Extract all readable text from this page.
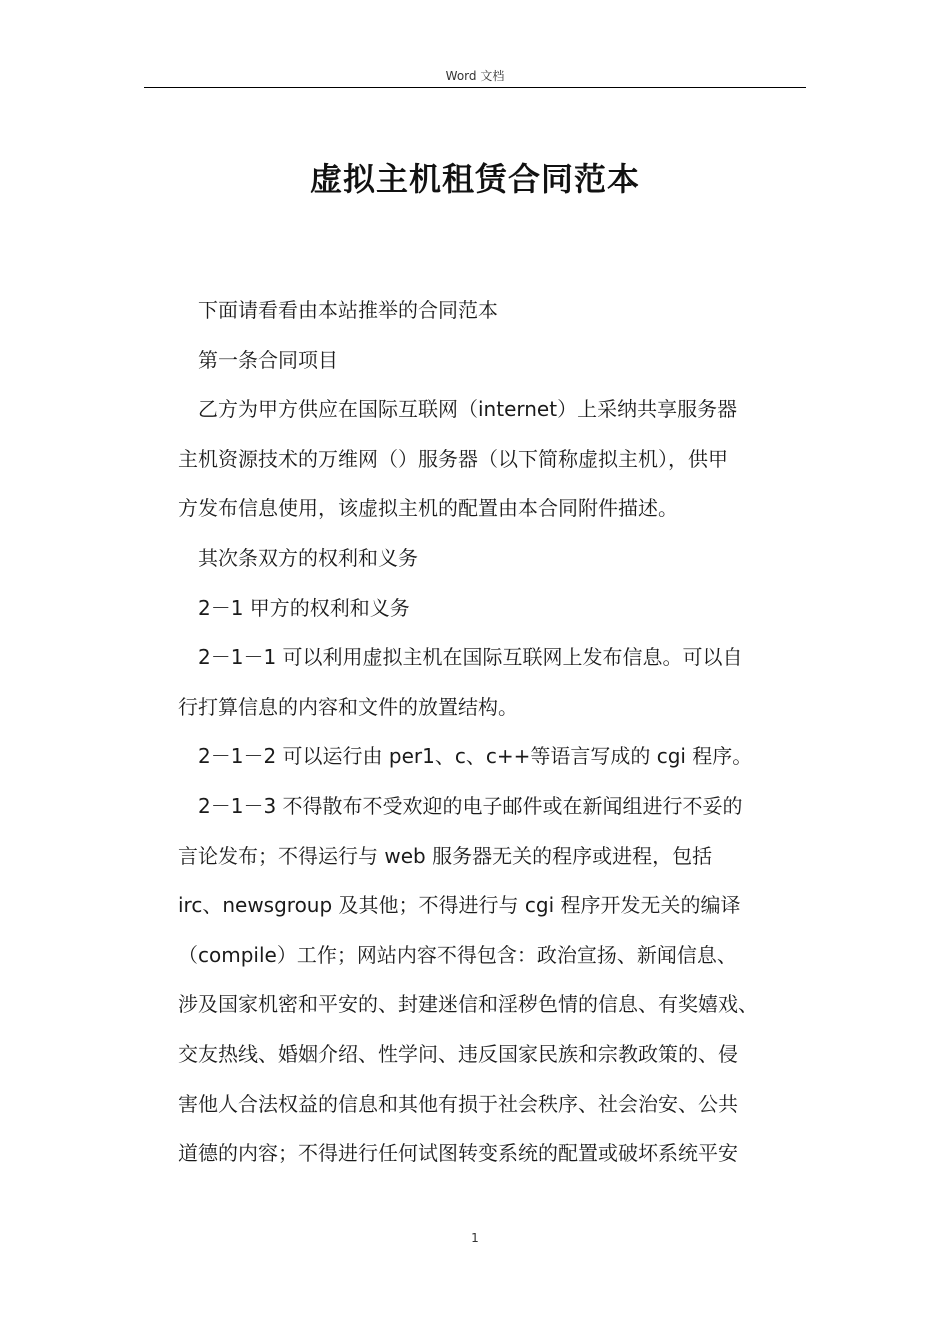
Word 文档
虚拟主机租赁合同范本
下面请看看由本站推举的合同范本
第一条合同项目
乙方为甲方供应在国际互联网（internet）上采纳共享服务器
主机资源技术的万维网（）服务器（以下简称虚拟主机），供甲
方发布信息使用，该虚拟主机的配置由本合同附件描述。
其次条双方的权利和义务
2－1 甲方的权利和义务
2－1－1 可以利用虚拟主机在国际互联网上发布信息。可以自
行打算信息的内容和文件的放置结构。
2－1－2 可以运行由 per1、c、c++等语言写成的 cgi 程序。
2－1－3 不得散布不受欢迎的电子邮件或在新闻组进行不妥的
言论发布；不得运行与 web 服务器无关的程序或进程，包括
irc、newsgroup 及其他；不得进行与 cgi 程序开发无关的编译
（compile）工作；网站内容不得包含：政治宣扬、新闻信息、
涉及国家机密和平安的、封建迷信和淫秽色情的信息、有奖嬉戏、
交友热线、婚姻介绍、性学问、违反国家民族和宗教政策的、侵
害他人合法权益的信息和其他有损于社会秩序、社会治安、公共
道德的内容；不得进行任何试图转变系统的配置或破坏系统平安
1
